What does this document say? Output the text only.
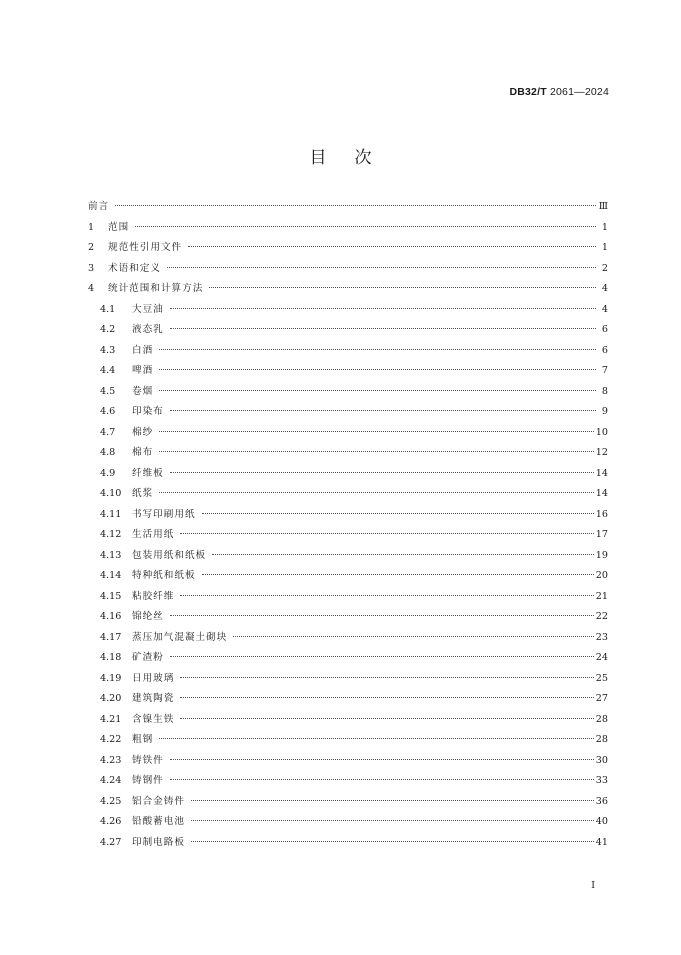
DB32/T 2061—2024
目次
前言	Ⅲ
1	范围	1
2	规范性引用文件	1
3	术语和定义	2
4	统计范围和计算方法	4
4.1	大豆油	4
4.2	液态乳	6
4.3	白酒	6
4.4	啤酒	7
4.5	卷烟	8
4.6	印染布	9
4.7	棉纱	10
4.8	棉布	12
4.9	纤维板	14
4.10	纸浆	14
4.11	书写印刷用纸	16
4.12	生活用纸	17
4.13	包装用纸和纸板	19
4.14	特种纸和纸板	20
4.15	粘胶纤维	21
4.16	锦纶丝	22
4.17	蒸压加气混凝土砌块	23
4.18	矿渣粉	24
4.19	日用玻璃	25
4.20	建筑陶瓷	27
4.21	含镍生铁	28
4.22	粗钢	28
4.23	铸铁件	30
4.24	铸钢件	33
4.25	铝合金铸件	36
4.26	铅酸蓄电池	40
4.27	印制电路板	41
I
